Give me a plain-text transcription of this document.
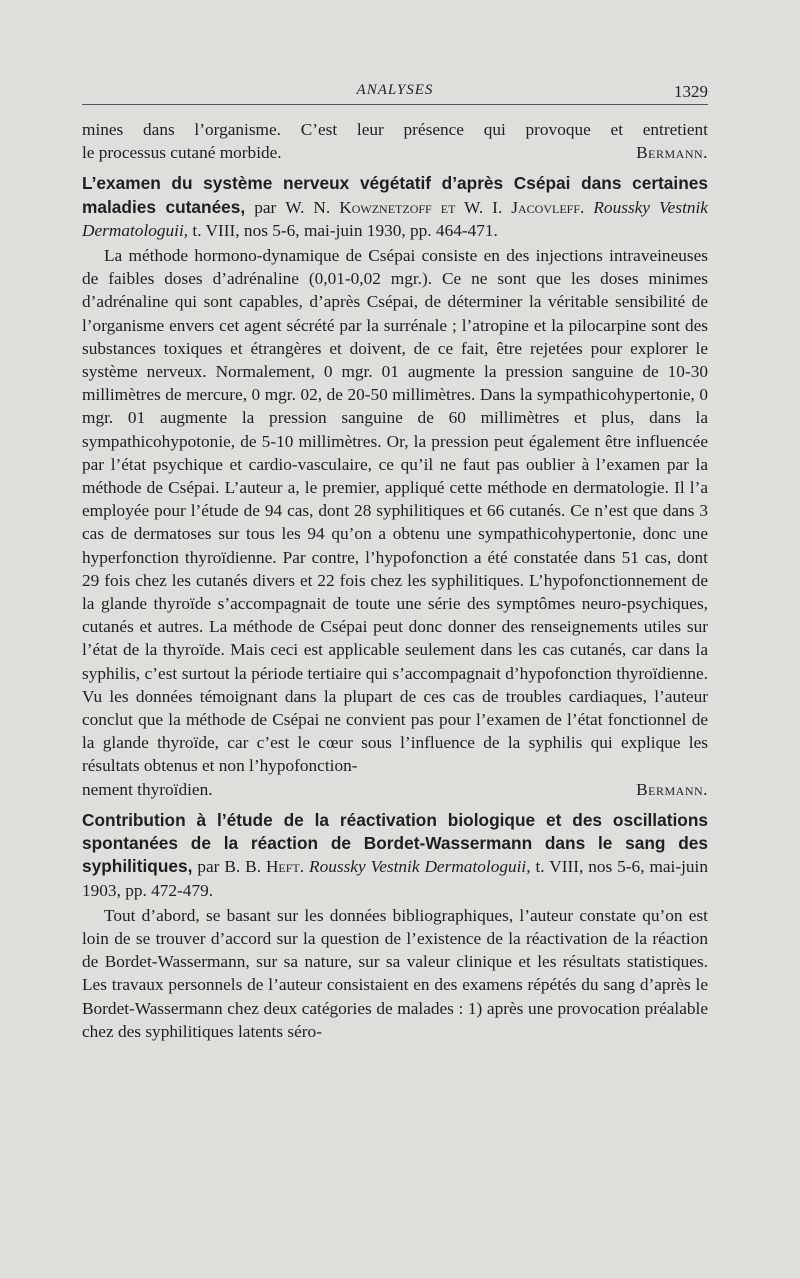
ANALYSES	1329

mines dans l’organisme. C’est leur présence qui provoque et entretient

le processus cutané morbide.	Bermann.

L’examen du système nerveux végétatif d’après Csépai dans certaines maladies cutanées, par W. N. Kowznetzoff et W. I. Jacovleff. Roussky Vestnik Dermatologuii, t. VIII, nos 5-6, mai-juin 1930, pp. 464-471.

La méthode hormono-dynamique de Csépai consiste en des injections intraveineuses de faibles doses d’adrénaline (0,01-0,02 mgr.). Ce ne sont que les doses minimes d’adrénaline qui sont capables, d’après Csépai, de déterminer la véritable sensibilité de l’organisme envers cet agent sécrété par la surrénale ; l’atropine et la pilocarpine sont des substances toxiques et étrangères et doivent, de ce fait, être rejetées pour explorer le système nerveux. Normalement, 0 mgr. 01 augmente la pression sanguine de 10-30 millimètres de mercure, 0 mgr. 02, de 20-50 millimètres. Dans la sympathicohypertonie, 0 mgr. 01 augmente la pression sanguine de 60 millimètres et plus, dans la sympathicohypotonie, de 5-10 millimètres. Or, la pression peut également être influencée par l’état psychique et cardio-vasculaire, ce qu’il ne faut pas oublier à l’examen par la méthode de Csépai. L’auteur a, le premier, appliqué cette méthode en dermatologie. Il l’a employée pour l’étude de 94 cas, dont 28 syphilitiques et 66 cutanés. Ce n’est que dans 3 cas de dermatoses sur tous les 94 qu’on a obtenu une sympathicohypertonie, donc une hyperfonction thyroïdienne. Par contre, l’hypofonction a été constatée dans 51 cas, dont 29 fois chez les cutanés divers et 22 fois chez les syphilitiques. L’hypofonctionnement de la glande thyroïde s’accompagnait de toute une série des symptômes neuro-psychiques, cutanés et autres. La méthode de Csépai peut donc donner des renseignements utiles sur l’état de la thyroïde. Mais ceci est applicable seulement dans les cas cutanés, car dans la syphilis, c’est surtout la période tertiaire qui s’accompagnait d’hypofonction thyroïdienne. Vu les données témoignant dans la plupart de ces cas de troubles cardiaques, l’auteur conclut que la méthode de Csépai ne convient pas pour l’examen de l’état fonctionnel de la glande thyroïde, car c’est le cœur sous l’influence de la syphilis qui explique les résultats obtenus et non l’hypofonction-

nement thyroïdien.	Bermann.

Contribution à l’étude de la réactivation biologique et des oscillations spontanées de la réaction de Bordet-Wassermann dans le sang des syphilitiques, par B. B. Heft. Roussky Vestnik Dermatologuii, t. VIII, nos 5-6, mai-juin 1903, pp. 472-479.

Tout d’abord, se basant sur les données bibliographiques, l’auteur constate qu’on est loin de se trouver d’accord sur la question de l’existence de la réactivation de la réaction de Bordet-Wassermann, sur sa nature, sur sa valeur clinique et les résultats statistiques. Les travaux personnels de l’auteur consistaient en des examens répétés du sang d’après le Bordet-Wassermann chez deux catégories de malades : 1) après une provocation préalable chez des syphilitiques latents séro-
